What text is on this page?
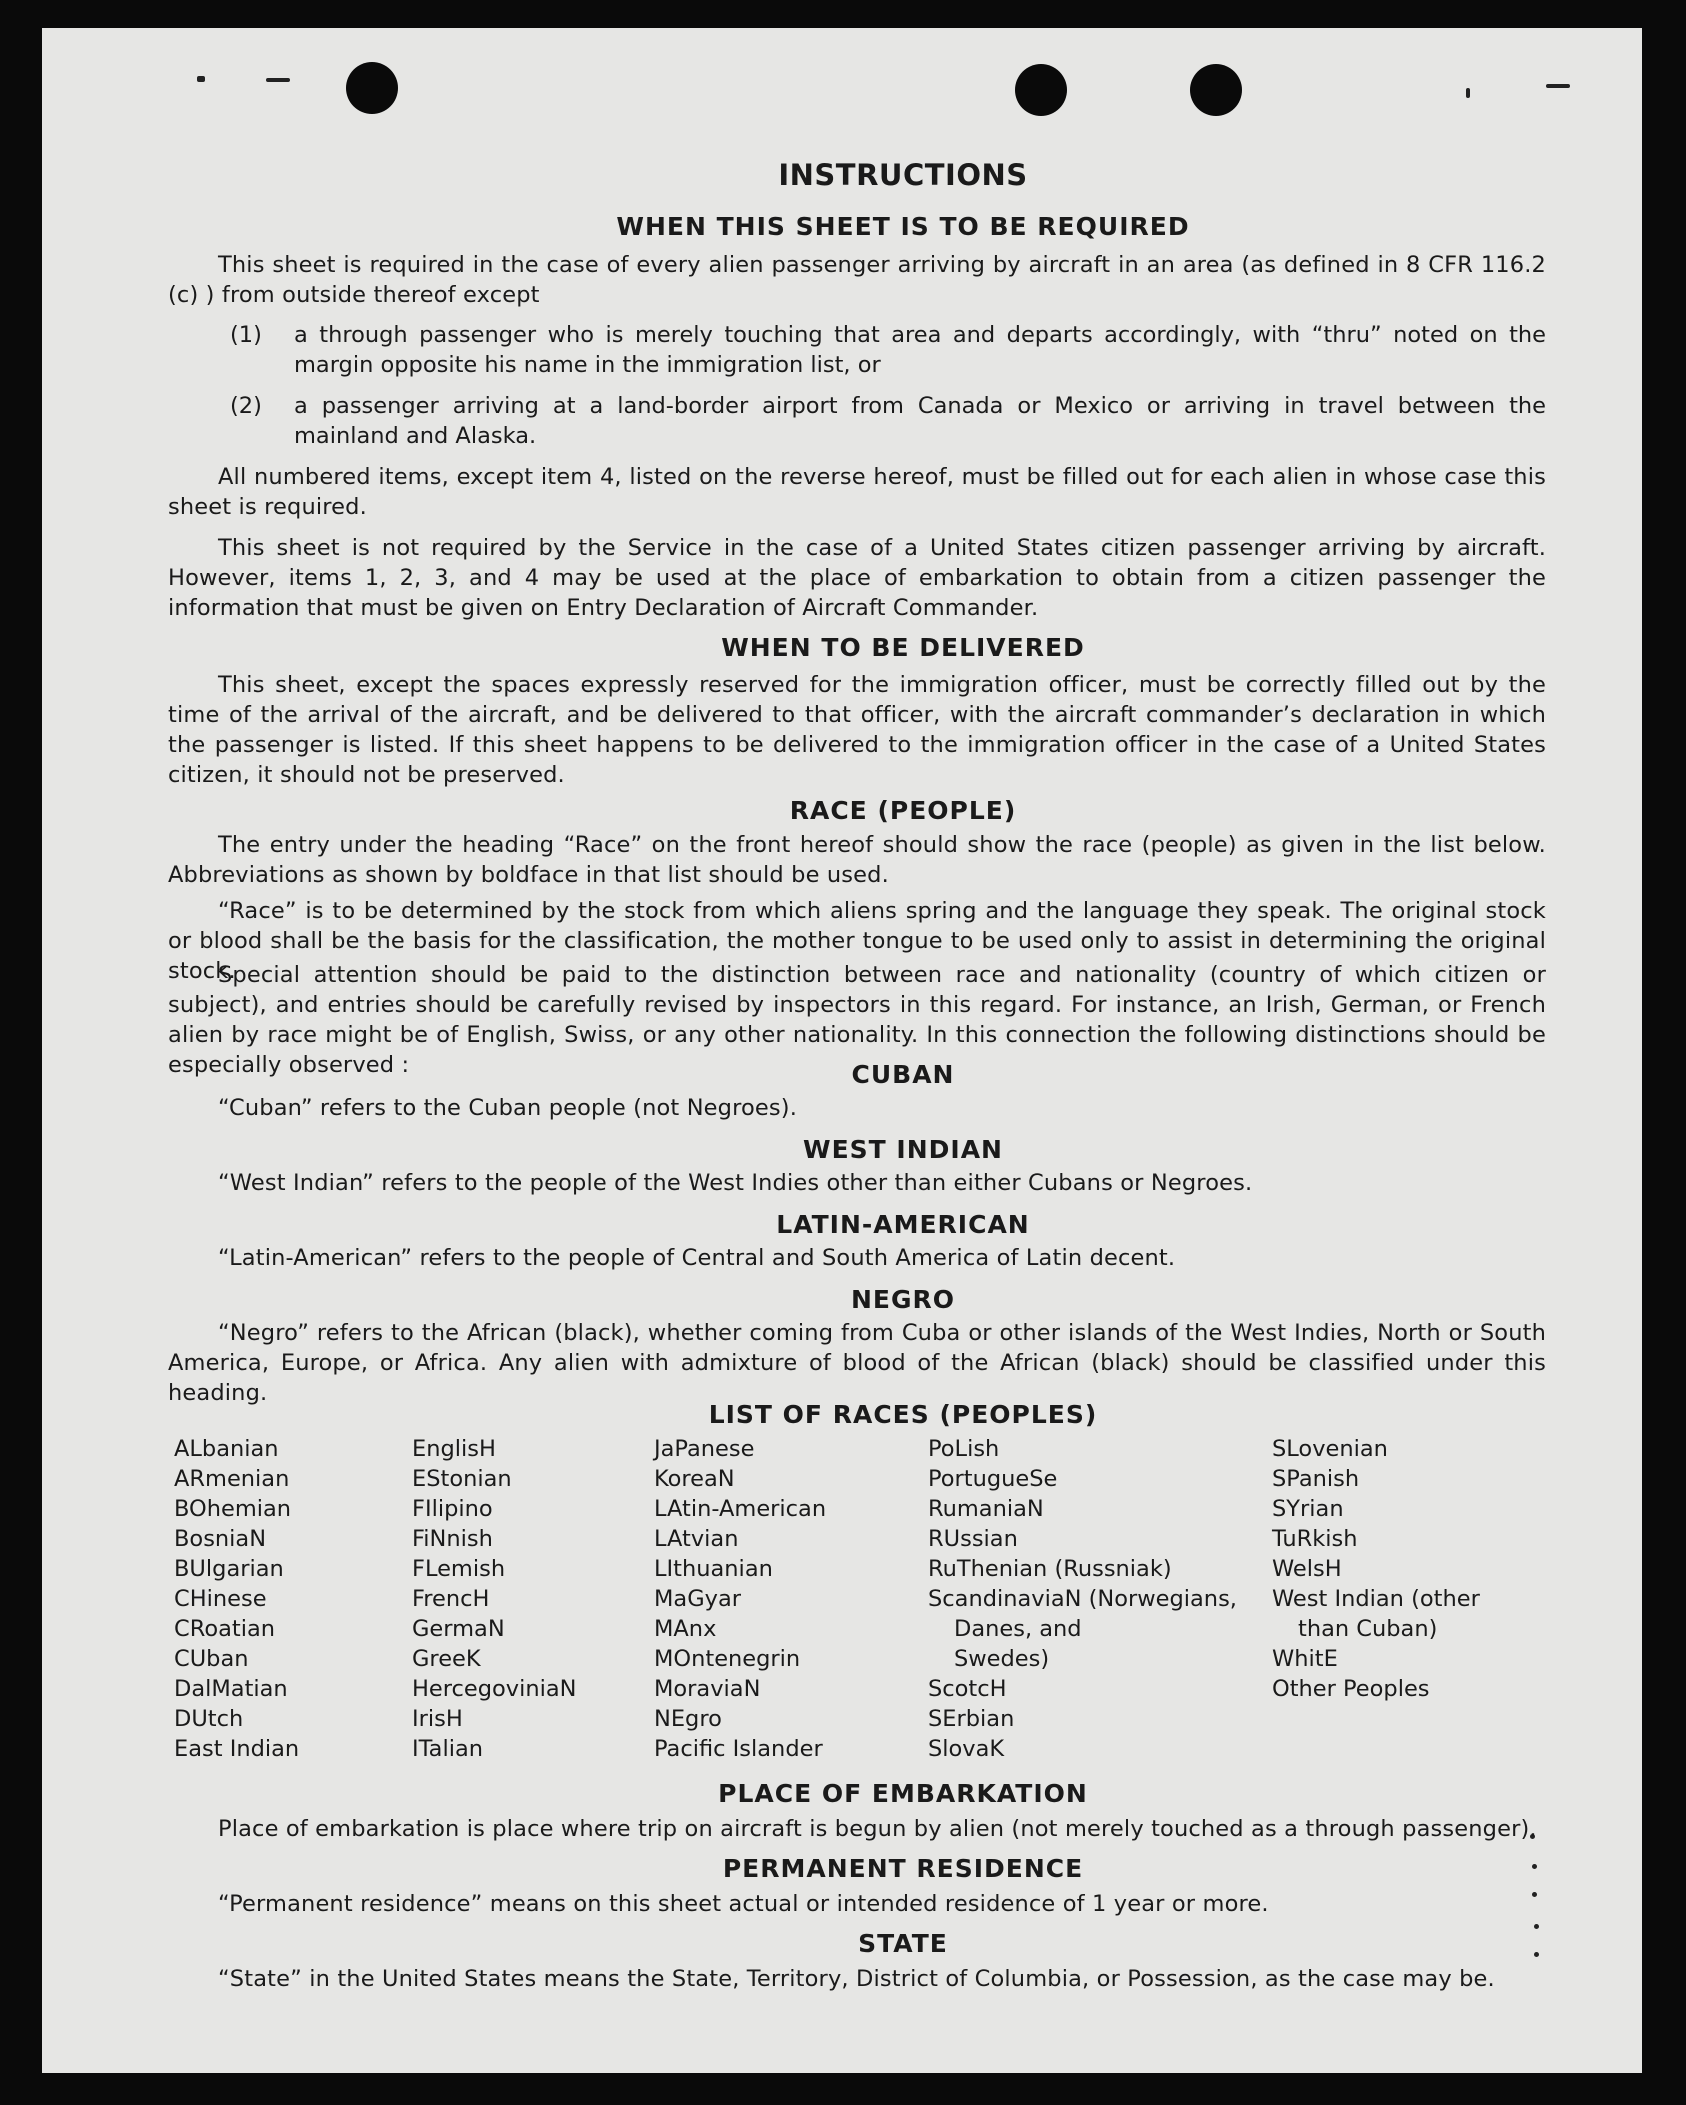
INSTRUCTIONS
WHEN THIS SHEET IS TO BE REQUIRED
This sheet is required in the case of every alien passenger arriving by aircraft in an area (as defined in 8 CFR 116.2 (c) ) from outside thereof except
(1) a through passenger who is merely touching that area and departs accordingly, with “thru” noted on the margin opposite his name in the immigration list, or
(2) a passenger arriving at a land-border airport from Canada or Mexico or arriving in travel between the mainland and Alaska.
All numbered items, except item 4, listed on the reverse hereof, must be filled out for each alien in whose case this sheet is required.
This sheet is not required by the Service in the case of a United States citizen passenger arriving by aircraft. However, items 1, 2, 3, and 4 may be used at the place of embarkation to obtain from a citizen passenger the information that must be given on Entry Declaration of Aircraft Commander.
WHEN TO BE DELIVERED
This sheet, except the spaces expressly reserved for the immigration officer, must be correctly filled out by the time of the arrival of the aircraft, and be delivered to that officer, with the aircraft commander’s declaration in which the passenger is listed. If this sheet happens to be delivered to the immigration officer in the case of a United States citizen, it should not be preserved.
RACE (PEOPLE)
The entry under the heading “Race” on the front hereof should show the race (people) as given in the list below. Abbreviations as shown by boldface in that list should be used.
“Race” is to be determined by the stock from which aliens spring and the language they speak. The original stock or blood shall be the basis for the classification, the mother tongue to be used only to assist in determining the original stock.
Special attention should be paid to the distinction between race and nationality (country of which citizen or subject), and entries should be carefully revised by inspectors in this regard. For instance, an Irish, German, or French alien by race might be of English, Swiss, or any other nationality. In this connection the following distinctions should be especially observed :	CUBAN
“Cuban” refers to the Cuban people (not Negroes).
WEST INDIAN
“West Indian” refers to the people of the West Indies other than either Cubans or Negroes.
LATIN-AMERICAN
“Latin-American” refers to the people of Central and South America of Latin decent.
NEGRO
“Negro” refers to the African (black), whether coming from Cuba or other islands of the West Indies, North or South America, Europe, or Africa. Any alien with admixture of blood of the African (black) should be classified under this heading.
LIST OF RACES (PEOPLES)
ALbanian
ARmenian
BOhemian
BosniaN
BUlgarian
CHinese
CRoatian
CUban
DalMatian
DUtch
East Indian
EnglisH
EStonian
FIlipino
FiNnish
FLemish
FrencH
GermaN
GreeK
HercegoviniaN
IrisH
ITalian
JaPanese
KoreaN
LAtin-American
LAtvian
LIthuanian
MaGyar
MAnx
MOntenegrin
MoraviaN
NEgro
Pacific Islander
PoLish
PortugueSe
RumaniaN
RUssian
RuThenian (Russniak)
ScandinaviaN (Norwegians,
Danes, and
Swedes)
ScotcH
SErbian
SlovaK
SLovenian
SPanish
SYrian
TuRkish
WelsH
West Indian (other
than Cuban)
WhitE
Other Peoples
PLACE OF EMBARKATION
Place of embarkation is place where trip on aircraft is begun by alien (not merely touched as a through passenger).
PERMANENT RESIDENCE
“Permanent residence” means on this sheet actual or intended residence of 1 year or more.
STATE
“State” in the United States means the State, Territory, District of Columbia, or Possession, as the case may be.
